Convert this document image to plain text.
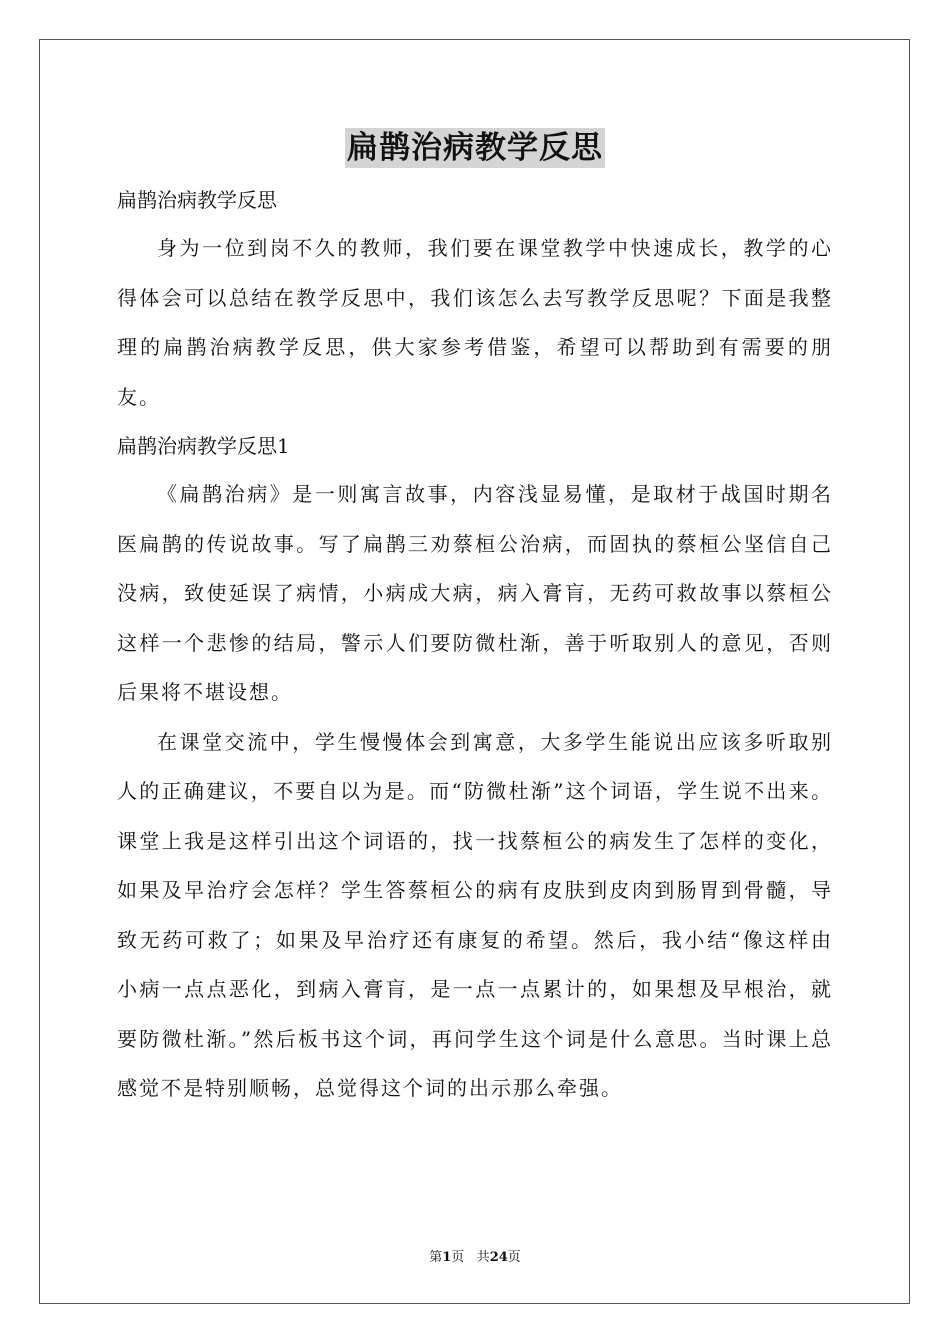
扁鹊治病教学反思

扁鹊治病教学反思

身为一位到岗不久的教师，我们要在课堂教学中快速成长，教学的心得体会可以总结在教学反思中，我们该怎么去写教学反思呢？下面是我整理的扁鹊治病教学反思，供大家参考借鉴，希望可以帮助到有需要的朋友。

扁鹊治病教学反思1

《扁鹊治病》是一则寓言故事，内容浅显易懂，是取材于战国时期名医扁鹊的传说故事。写了扁鹊三劝蔡桓公治病，而固执的蔡桓公坚信自己没病，致使延误了病情，小病成大病，病入膏肓，无药可救故事以蔡桓公这样一个悲惨的结局，警示人们要防微杜渐，善于听取别人的意见，否则后果将不堪设想。

在课堂交流中，学生慢慢体会到寓意，大多学生能说出应该多听取别人的正确建议，不要自以为是。而“防微杜渐”这个词语，学生说不出来。课堂上我是这样引出这个词语的，找一找蔡桓公的病发生了怎样的变化，如果及早治疗会怎样？学生答蔡桓公的病有皮肤到皮肉到肠胃到骨髓，导致无药可救了；如果及早治疗还有康复的希望。然后，我小结“像这样由小病一点点恶化，到病入膏肓，是一点一点累计的，如果想及早根治，就要防微杜渐。”然后板书这个词，再问学生这个词是什么意思。当时课上总感觉不是特别顺畅，总觉得这个词的出示那么牵强。

第1页 共24页
